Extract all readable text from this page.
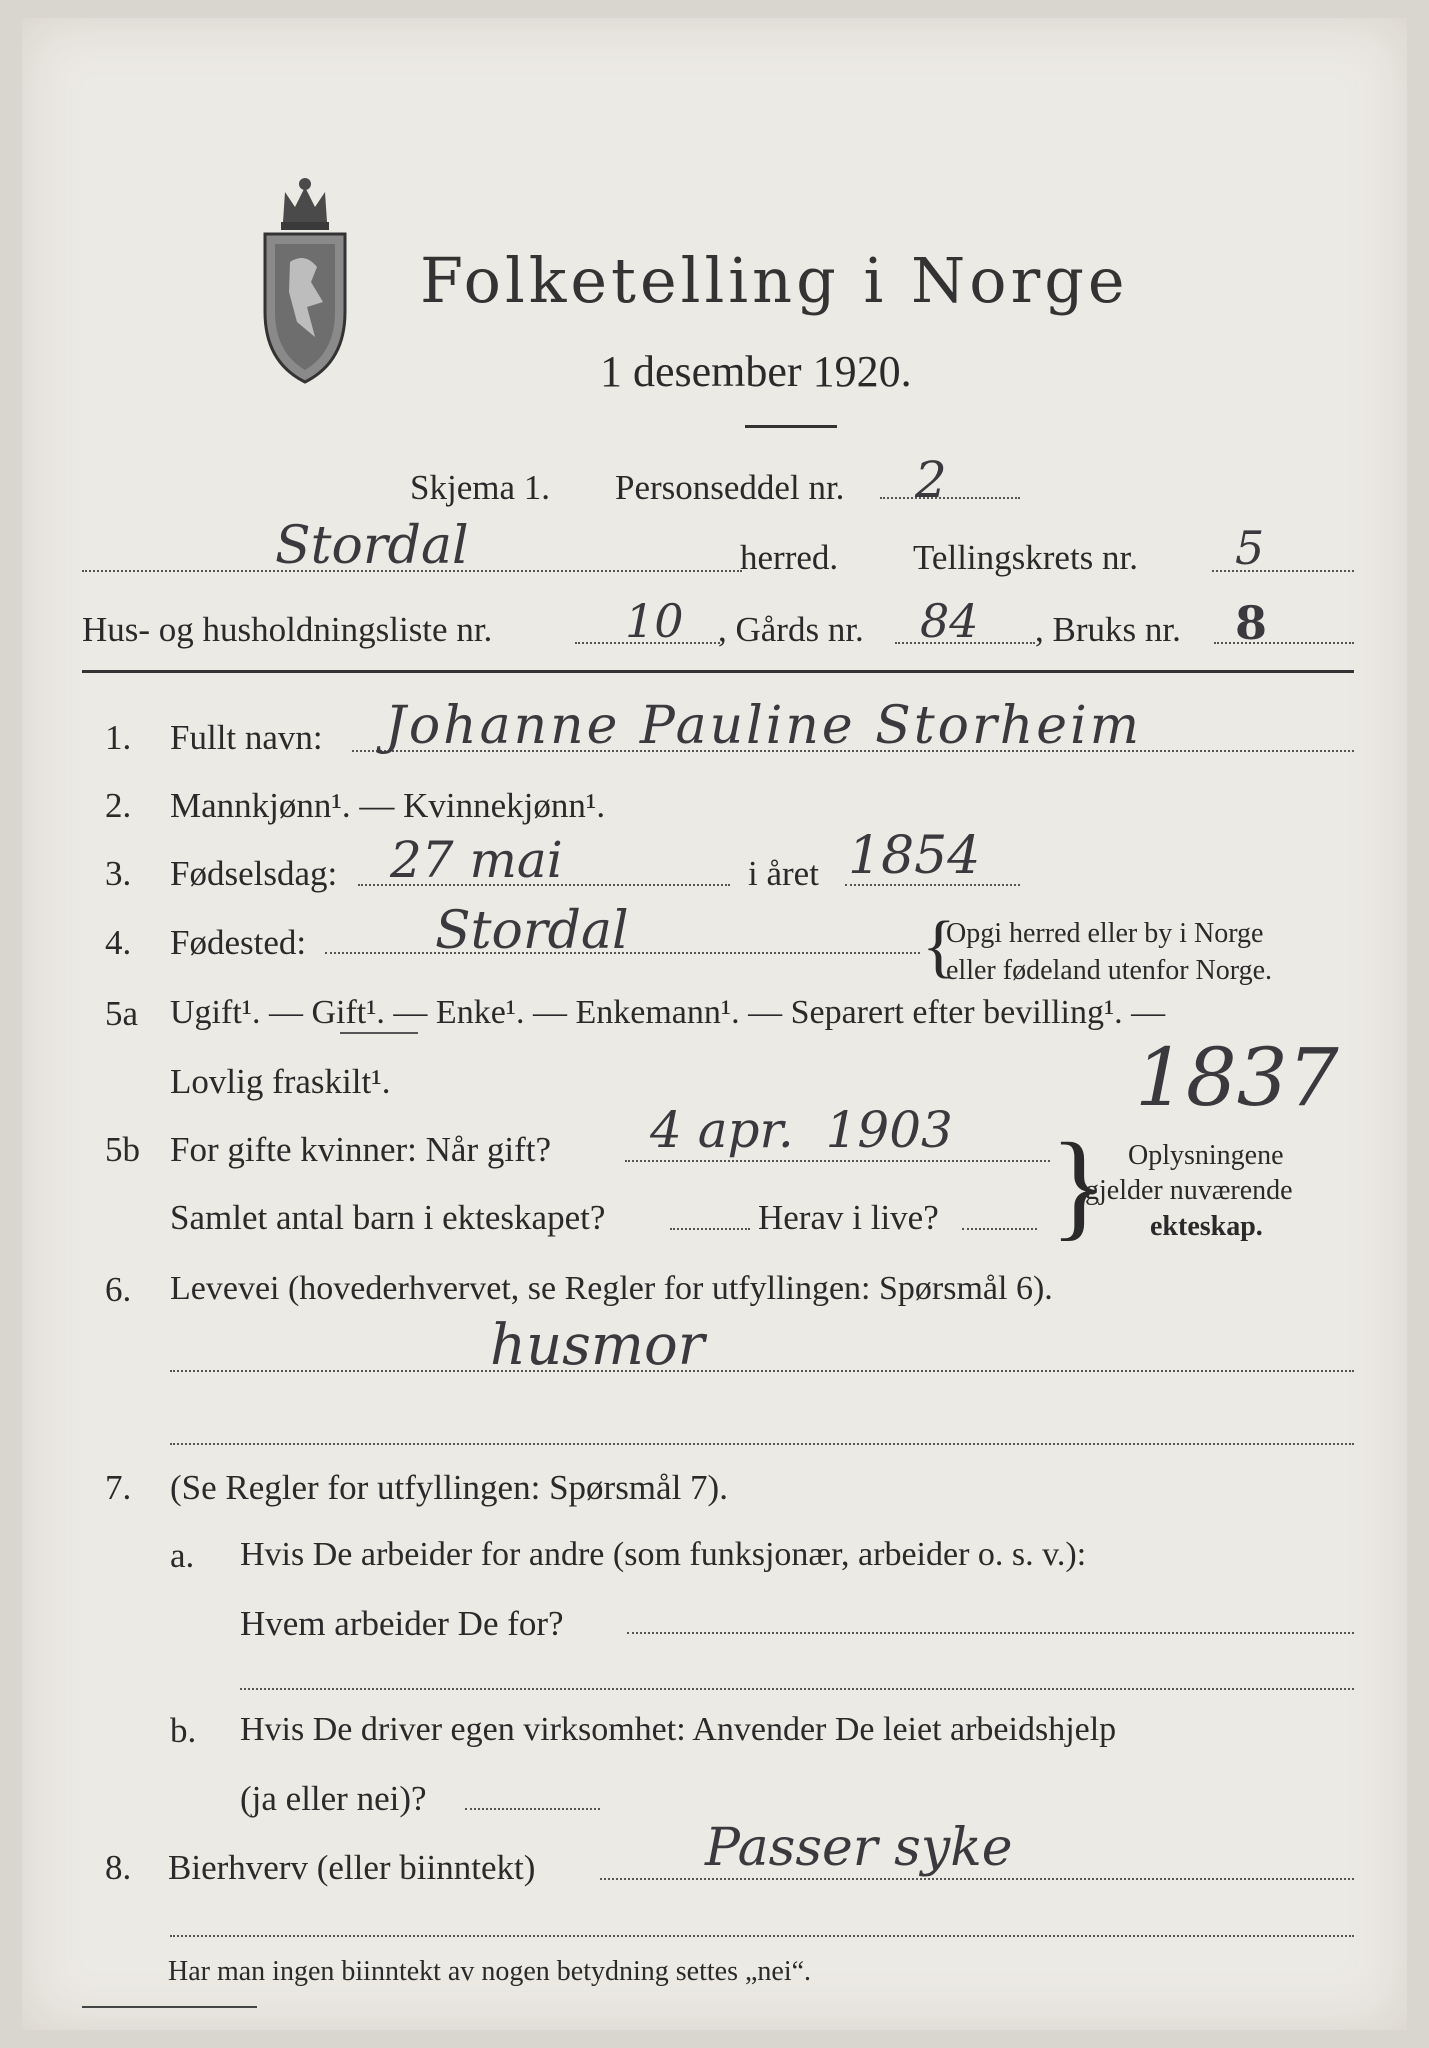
Folketelling i Norge
1 desember 1920.
Skjema 1. Personseddel nr. 2
Stordal	herred. Tellingskrets nr. 5
Hus- og husholdningsliste nr.	10 , Gårds nr. 84 , Bruks nr. 8
1. Fullt navn: Johanne Pauline Storheim
2. Mannkjønn¹. — Kvinnekjønn¹.
3. Fødselsdag: 27 mai	i året 1854
4. Fødested: Stordal	{
Opgi herred eller by i Norge
eller fødeland utenfor Norge.
5a Ugift¹. — Gift¹. — Enke¹. — Enkemann¹. — Separert efter bevilling¹. —
Lovlig fraskilt¹.	1837
5b For gifte kvinner: Når gift? 4 apr.  1903
Samlet antal barn i ekteskapet?	Herav i live? } Oplysningene
gjelder nuværende
ekteskap.
6. Levevei (hovederhvervet, se Regler for utfyllingen: Spørsmål 6).
husmor
7. (Se Regler for utfyllingen: Spørsmål 7).
a. Hvis De arbeider for andre (som funksjonær, arbeider o. s. v.):
Hvem arbeider De for?
b. Hvis De driver egen virksomhet: Anvender De leiet arbeidshjelp
(ja eller nei)?
8. Bierhverv (eller biinntekt)	Passer syke
Har man ingen biinntekt av nogen betydning settes „nei“.
